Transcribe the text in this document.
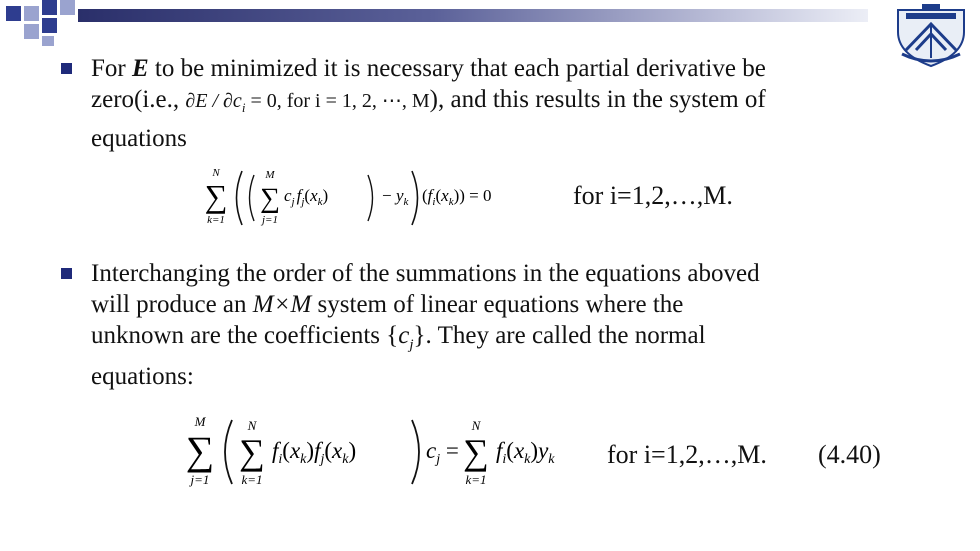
For E to be minimized it is necessary that each partial derivative be
zero(i.e., $\partial E / \partial c_i = 0$, for i = 1, 2, ⋯, M), and this results in the system of
equations
N
∑
k=1
M
∑
j=1
$c_j$ $f_j(x_k)$	− $y_k$ $(f_i(x_k)) = 0$	for i=1,2,…,M.
Interchanging the order of the summations in the equations aboved
will produce an M×M system of linear equations where the
unknown are the coefficients $\{c_j\}$. They are called the normal
equations:
M
∑
j=1
N
∑
k=1
$f_i(x_k)f_j(x_k)$	$c_j$ =
N
∑
k=1
$f_i(x_k)y_k$ for i=1,2,…,M. (4.40)
